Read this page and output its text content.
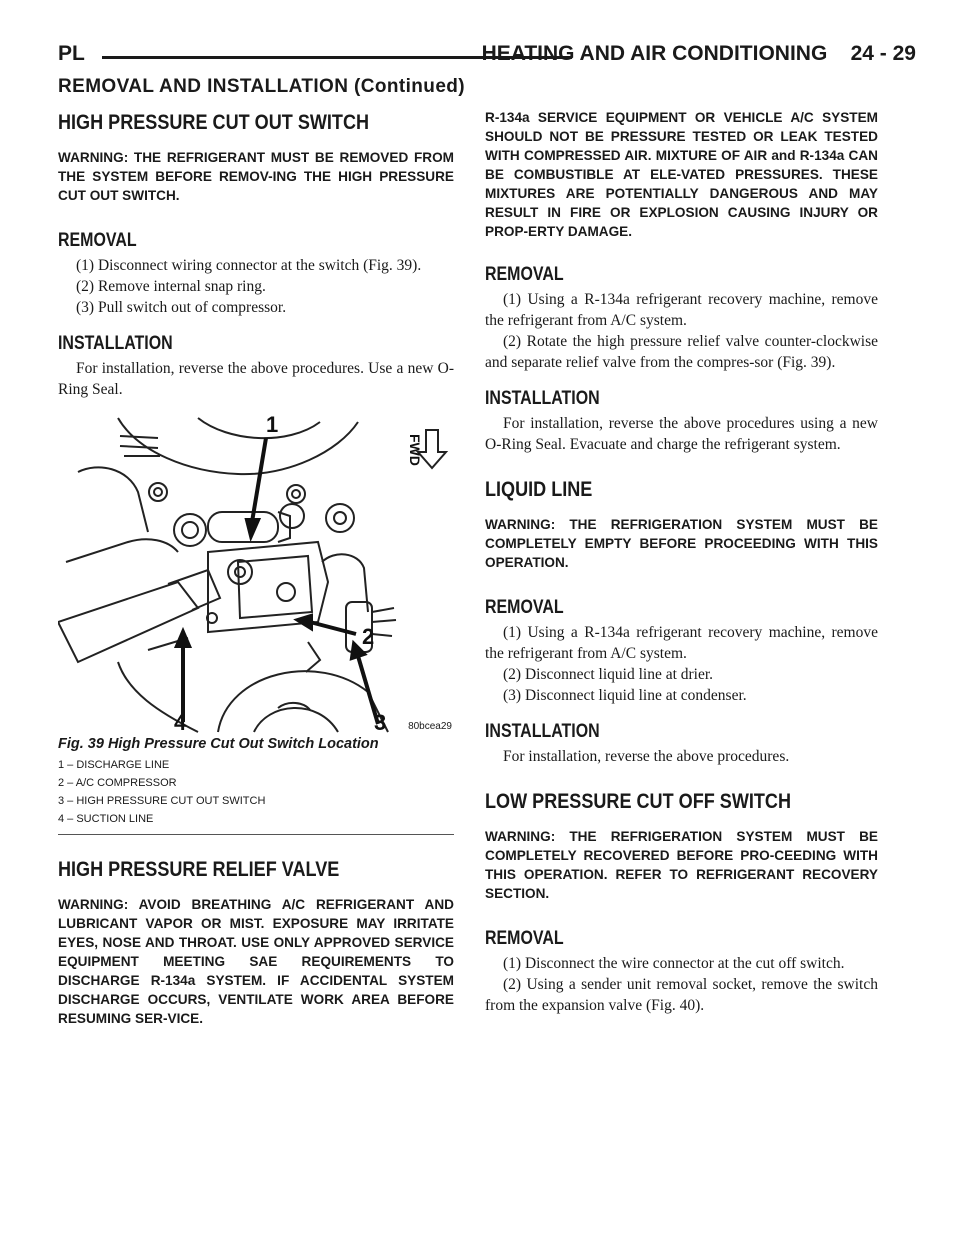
PL	HEATING AND AIR CONDITIONING    24 - 29
REMOVAL AND INSTALLATION (Continued)
HIGH PRESSURE CUT OUT SWITCH

WARNING: THE REFRIGERANT MUST BE REMOVED FROM THE SYSTEM BEFORE REMOV-ING THE HIGH PRESSURE CUT OUT SWITCH.

REMOVAL

(1) Disconnect wiring connector at the switch (Fig. 39).

(2) Remove internal snap ring.

(3) Pull switch out of compressor.

INSTALLATION

For installation, reverse the above procedures. Use a new O-Ring Seal.

1
2
3
4
FWD
80bcea29
Fig. 39 High Pressure Cut Out Switch Location

1 – DISCHARGE LINE

2 – A/C COMPRESSOR

3 – HIGH PRESSURE CUT OUT SWITCH

4 – SUCTION LINE

HIGH PRESSURE RELIEF VALVE

WARNING: AVOID BREATHING A/C REFRIGERANT AND LUBRICANT VAPOR OR MIST. EXPOSURE MAY IRRITATE EYES, NOSE AND THROAT. USE ONLY APPROVED SERVICE EQUIPMENT MEETING SAE REQUIREMENTS TO DISCHARGE R-134a SYSTEM. IF ACCIDENTAL SYSTEM DISCHARGE OCCURS, VENTILATE WORK AREA BEFORE RESUMING SER-VICE.

R-134a SERVICE EQUIPMENT OR VEHICLE A/C SYSTEM SHOULD NOT BE PRESSURE TESTED OR LEAK TESTED WITH COMPRESSED AIR. MIXTURE OF AIR and R-134a CAN BE COMBUSTIBLE AT ELE-VATED PRESSURES. THESE MIXTURES ARE POTENTIALLY DANGEROUS AND MAY RESULT IN FIRE OR EXPLOSION CAUSING INJURY OR PROP-ERTY DAMAGE.

REMOVAL

(1) Using a R-134a refrigerant recovery machine, remove the refrigerant from A/C system.

(2) Rotate the high pressure relief valve counter-clockwise and separate relief valve from the compres-sor (Fig. 39).

INSTALLATION

For installation, reverse the above procedures using a new O-Ring Seal. Evacuate and charge the refrigerant system.

LIQUID LINE

WARNING: THE REFRIGERATION SYSTEM MUST BE COMPLETELY EMPTY BEFORE PROCEEDING WITH THIS OPERATION.

REMOVAL

(1) Using a R-134a refrigerant recovery machine, remove the refrigerant from A/C system.

(2) Disconnect liquid line at drier.

(3) Disconnect liquid line at condenser.

INSTALLATION

For installation, reverse the above procedures.

LOW PRESSURE CUT OFF SWITCH

WARNING: THE REFRIGERATION SYSTEM MUST BE COMPLETELY RECOVERED BEFORE PRO-CEEDING WITH THIS OPERATION. REFER TO REFRIGERANT RECOVERY SECTION.

REMOVAL

(1) Disconnect the wire connector at the cut off switch.

(2) Using a sender unit removal socket, remove the switch from the expansion valve (Fig. 40).
